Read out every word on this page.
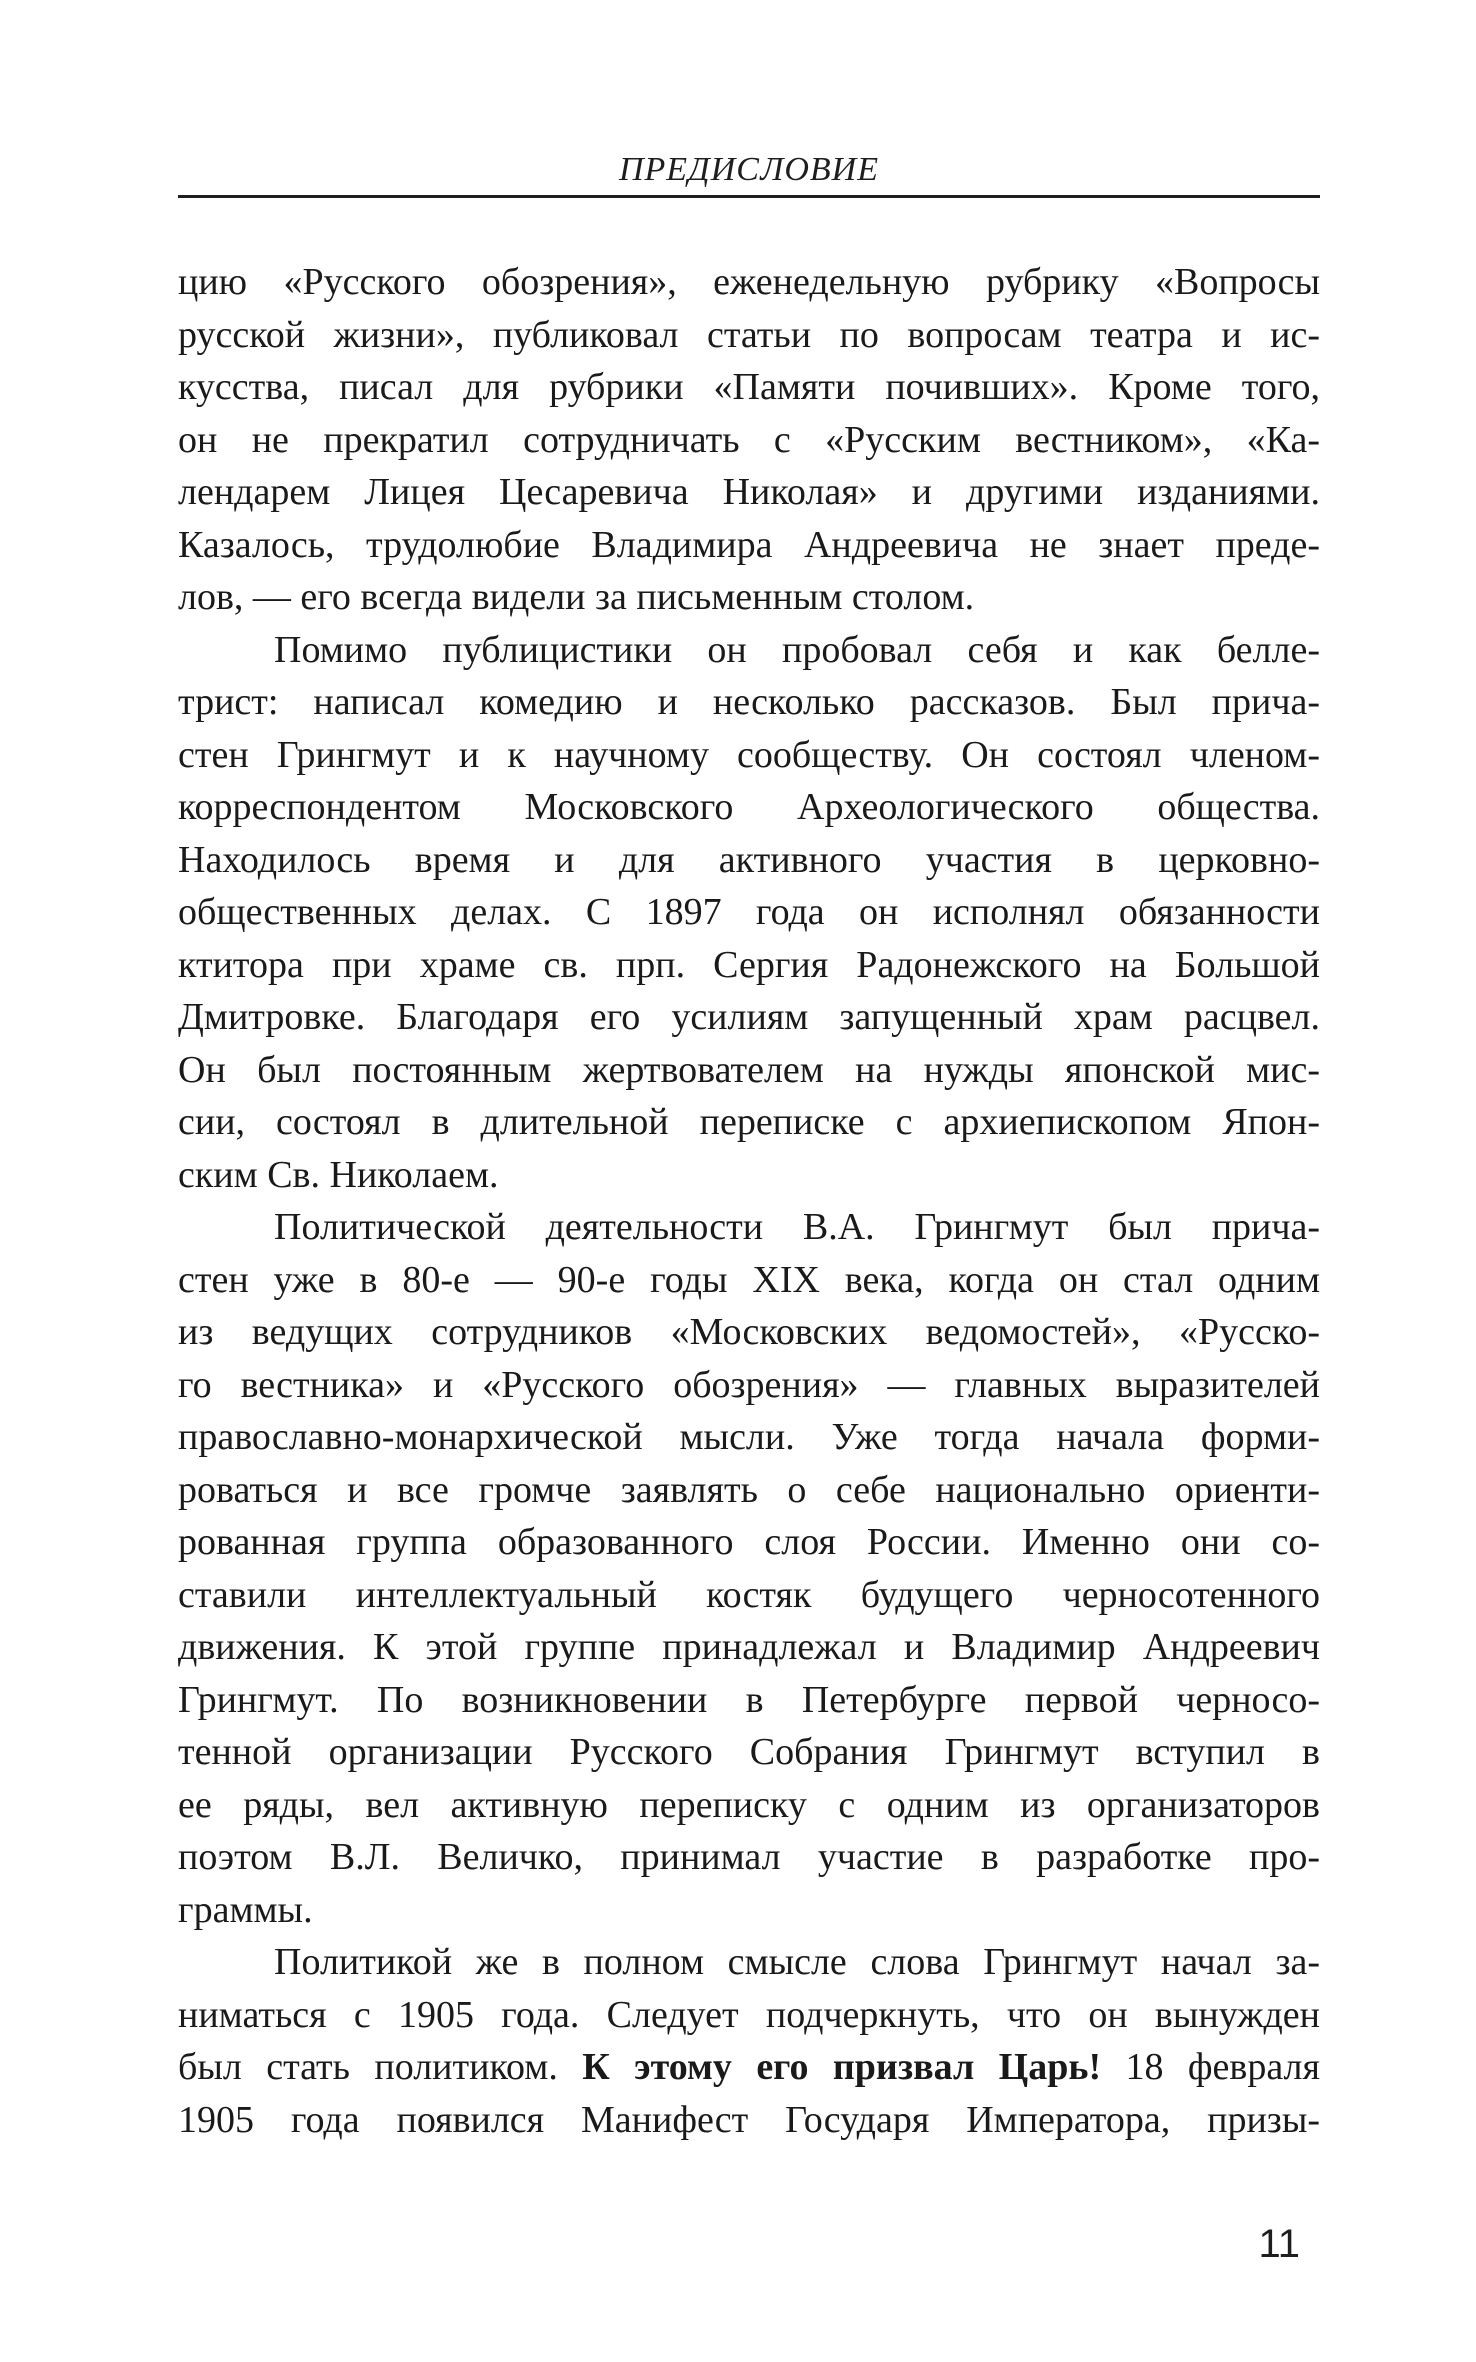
ПРЕДИСЛОВИЕ
цию «Русского обозрения», еженедельную рубрику «Вопросы
русской жизни», публиковал статьи по вопросам театра и ис-
кусства, писал для рубрики «Памяти почивших». Кроме того,
он не прекратил сотрудничать с «Русским вестником», «Ка-
лендарем Лицея Цесаревича Николая» и другими изданиями.
Казалось, трудолюбие Владимира Андреевича не знает преде-
лов, — его всегда видели за письменным столом.
Помимо публицистики он пробовал себя и как белле-
трист: написал комедию и несколько рассказов. Был прича-
стен Грингмут и к научному сообществу. Он состоял членом-
корреспондентом Московского Археологического общества.
Находилось время и для активного участия в церковно-
общественных делах. С 1897 года он исполнял обязанности
ктитора при храме св. прп. Сергия Радонежского на Большой
Дмитровке. Благодаря его усилиям запущенный храм расцвел.
Он был постоянным жертвователем на нужды японской мис-
сии, состоял в длительной переписке с архиепископом Япон-
ским Св. Николаем.
Политической деятельности В.А. Грингмут был прича-
стен уже в 80-е — 90-е годы XIX века, когда он стал одним
из ведущих сотрудников «Московских ведомостей», «Русско-
го вестника» и «Русского обозрения» — главных выразителей
православно-монархической мысли. Уже тогда начала форми-
роваться и все громче заявлять о себе национально ориенти-
рованная группа образованного слоя России. Именно они со-
ставили интеллектуальный костяк будущего черносотенного
движения. К этой группе принадлежал и Владимир Андреевич
Грингмут. По возникновении в Петербурге первой черносо-
тенной организации Русского Собрания Грингмут вступил в
ее ряды, вел активную переписку с одним из организаторов
поэтом В.Л. Величко, принимал участие в разработке про-
граммы.
Политикой же в полном смысле слова Грингмут начал за-
ниматься с 1905 года. Следует подчеркнуть, что он вынужден
был стать политиком. К этому его призвал Царь! 18 февраля
1905 года появился Манифест Государя Императора, призы-
11
